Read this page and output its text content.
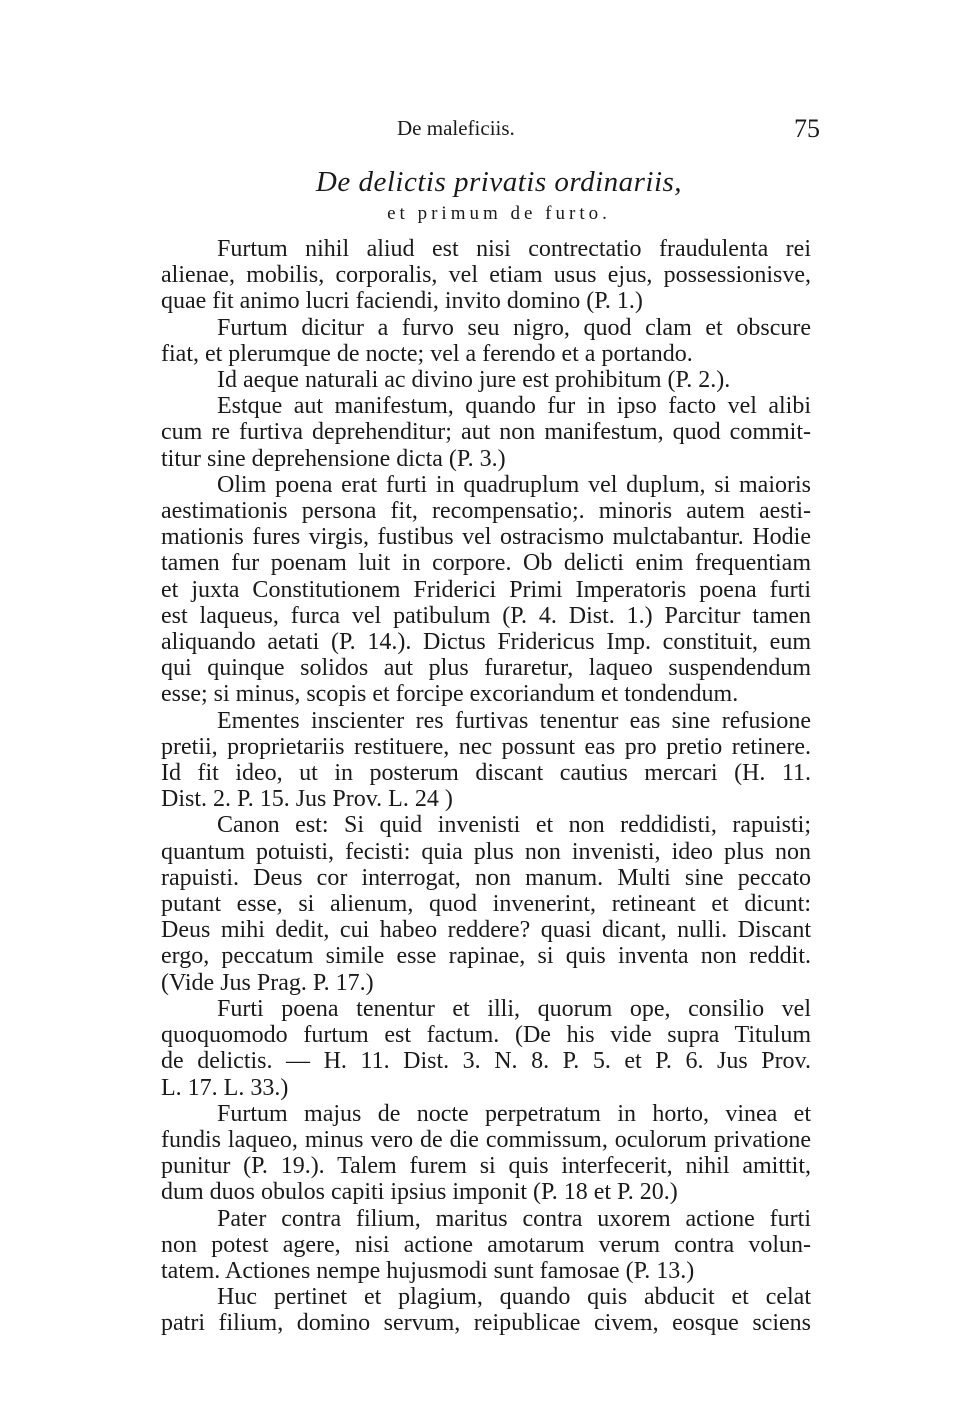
De maleficiis.	75
De delictis privatis ordinariis,
et primum de furto.
Furtum nihil aliud est nisi contrectatio fraudulenta rei
alienae, mobilis, corporalis, vel etiam usus ejus, possessionisve,
quae fit animo lucri faciendi, invito domino (P. 1.)
Furtum dicitur a furvo seu nigro, quod clam et obscure
fiat, et plerumque de nocte; vel a ferendo et a portando.
Id aeque naturali ac divino jure est prohibitum (P. 2.).
Estque aut manifestum, quando fur in ipso facto vel alibi
cum re furtiva deprehenditur; aut non manifestum, quod commit-
titur sine deprehensione dicta (P. 3.)
Olim poena erat furti in quadruplum vel duplum, si maioris
aestimationis persona fit, recompensatio;. minoris autem aesti-
mationis fures virgis, fustibus vel ostracismo mulctabantur. Hodie
tamen fur poenam luit in corpore. Ob delicti enim frequentiam
et juxta Constitutionem Friderici Primi Imperatoris poena furti
est laqueus, furca vel patibulum (P. 4. Dist. 1.) Parcitur tamen
aliquando aetati (P. 14.). Dictus Fridericus Imp. constituit, eum
qui quinque solidos aut plus furaretur, laqueo suspendendum
esse; si minus, scopis et forcipe excoriandum et tondendum.
Ementes inscienter res furtivas tenentur eas sine refusione
pretii, proprietariis restituere, nec possunt eas pro pretio retinere.
Id fit ideo, ut in posterum discant cautius mercari (H. 11.
Dist. 2. P. 15. Jus Prov. L. 24 )
Canon est: Si quid invenisti et non reddidisti, rapuisti;
quantum potuisti, fecisti: quia plus non invenisti, ideo plus non
rapuisti. Deus cor interrogat, non manum. Multi sine peccato
putant esse, si alienum, quod invenerint, retineant et dicunt:
Deus mihi dedit, cui habeo reddere? quasi dicant, nulli. Discant
ergo, peccatum simile esse rapinae, si quis inventa non reddit.
(Vide Jus Prag. P. 17.)
Furti poena tenentur et illi, quorum ope, consilio vel
quoquomodo furtum est factum. (De his vide supra Titulum
de delictis. — H. 11. Dist. 3. N. 8. P. 5. et P. 6. Jus Prov.
L. 17. L. 33.)
Furtum majus de nocte perpetratum in horto, vinea et
fundis laqueo, minus vero de die commissum, oculorum privatione
punitur (P. 19.). Talem furem si quis interfecerit, nihil amittit,
dum duos obulos capiti ipsius imponit (P. 18 et P. 20.)
Pater contra filium, maritus contra uxorem actione furti
non potest agere, nisi actione amotarum verum contra volun-
tatem. Actiones nempe hujusmodi sunt famosae (P. 13.)
Huc pertinet et plagium, quando quis abducit et celat
patri filium, domino servum, reipublicae civem, eosque sciens
